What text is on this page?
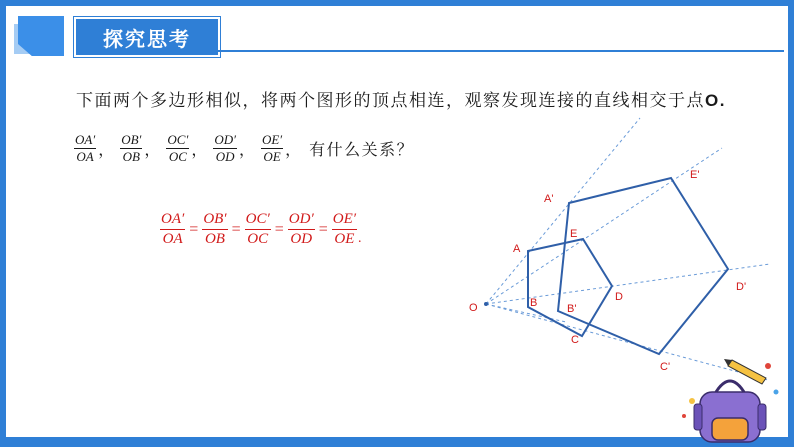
探究思考
下面两个多边形相似，将两个图形的顶点相连，观察发现连接的直线相交于点O.
$\frac{OA'}{OA}$ ， $\frac{OB'}{OB}$ ， $\frac{OC'}{OC}$ ， $\frac{OD'}{OD}$ ， $\frac{OE'}{OE}$ ， 有什么关系？
$\frac{OA'}{OA} = \frac{OB'}{OB} = \frac{OC'}{OC} = \frac{OD'}{OD} = \frac{OE'}{OE}$ .
O
A
B
C
D
E
A'
B'
C'
D'
E'
